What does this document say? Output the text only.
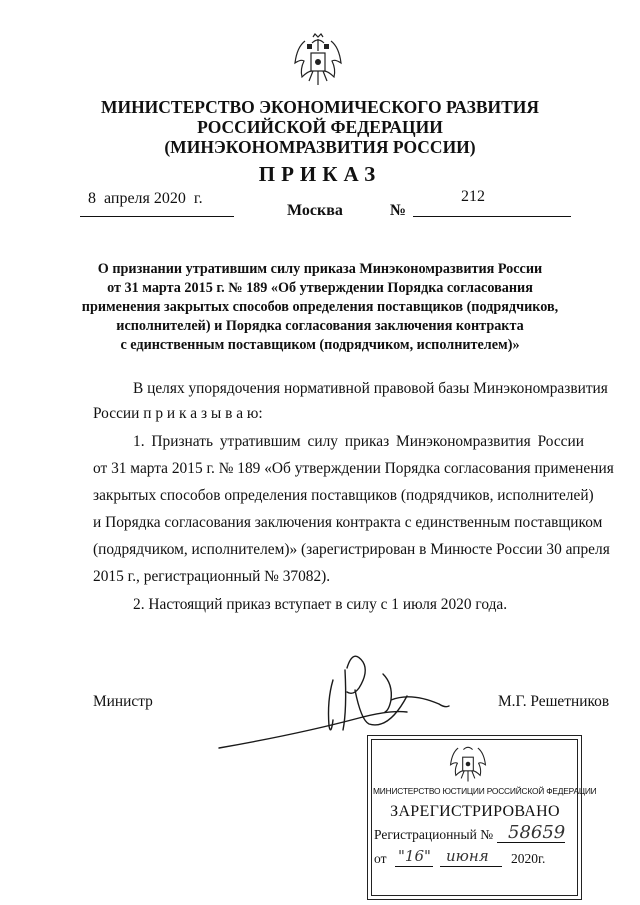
МИНИСТЕРСТВО ЭКОНОМИЧЕСКОГО РАЗВИТИЯ
РОССИЙСКОЙ ФЕДЕРАЦИИ
(МИНЭКОНОМРАЗВИТИЯ РОССИИ)
ПРИКАЗ
8  апреля 2020  г.
Москва	№
212
О признании утратившим силу приказа Минэкономразвития России
от 31 марта 2015 г. № 189 «Об утверждении Порядка согласования
применения закрытых способов определения поставщиков (подрядчиков,
исполнителей) и Порядка согласования заключения контракта
с единственным поставщиком (подрядчиком, исполнителем)»
В целях упорядочения нормативной правовой базы Минэкономразвития
России п р и к а з ы в а ю:
1. Признать утратившим силу приказ Минэкономразвития России
от 31 марта 2015 г. № 189 «Об утверждении Порядка согласования применения
закрытых способов определения поставщиков (подрядчиков, исполнителей)
и Порядка согласования заключения контракта с единственным поставщиком
(подрядчиком, исполнителем)» (зарегистрирован в Минюсте России 30 апреля
2015 г., регистрационный № 37082).
2. Настоящий приказ вступает в силу с 1 июля 2020 года.
Министр	М.Г. Решетников
МИНИСТЕРСТВО ЮСТИЦИИ РОССИЙСКОЙ ФЕДЕРАЦИИ
ЗАРЕГИСТРИРОВАНО
Регистрационный № 58659
от "16" июня 2020г.
